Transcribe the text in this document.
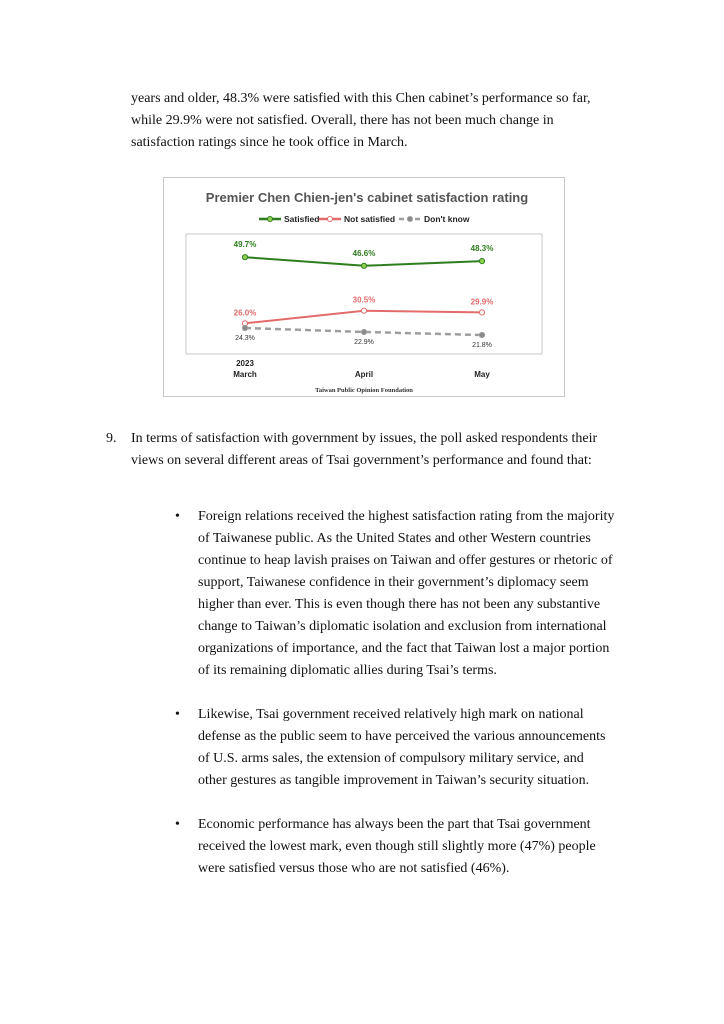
years and older, 48.3% were satisfied with this Chen cabinet’s performance so far, while 29.9% were not satisfied. Overall, there has not been much change in satisfaction ratings since he took office in March.

Premier Chen Chien-jen's cabinet satisfaction rating
Satisfied	Not satisfied	Don't know
49.7%
46.6%
48.3%
26.0%
30.5%	29.9%
24.3%
22.9%	21.8%
2023 March	April	May
Taiwan Public Opinion Foundation
9. In terms of satisfaction with government by issues, the poll asked respondents their views on several different areas of Tsai government’s performance and found that:

• Foreign relations received the highest satisfaction rating from the majority of Taiwanese public. As the United States and other Western countries continue to heap lavish praises on Taiwan and offer gestures or rhetoric of support, Taiwanese confidence in their government’s diplomacy seem higher than ever. This is even though there has not been any substantive change to Taiwan’s diplomatic isolation and exclusion from international organizations of importance, and the fact that Taiwan lost a major portion of its remaining diplomatic allies during Tsai’s terms.
• Likewise, Tsai government received relatively high mark on national defense as the public seem to have perceived the various announcements of U.S. arms sales, the extension of compulsory military service, and other gestures as tangible improvement in Taiwan’s security situation.
• Economic performance has always been the part that Tsai government received the lowest mark, even though still slightly more (47%) people were satisfied versus those who are not satisfied (46%).
